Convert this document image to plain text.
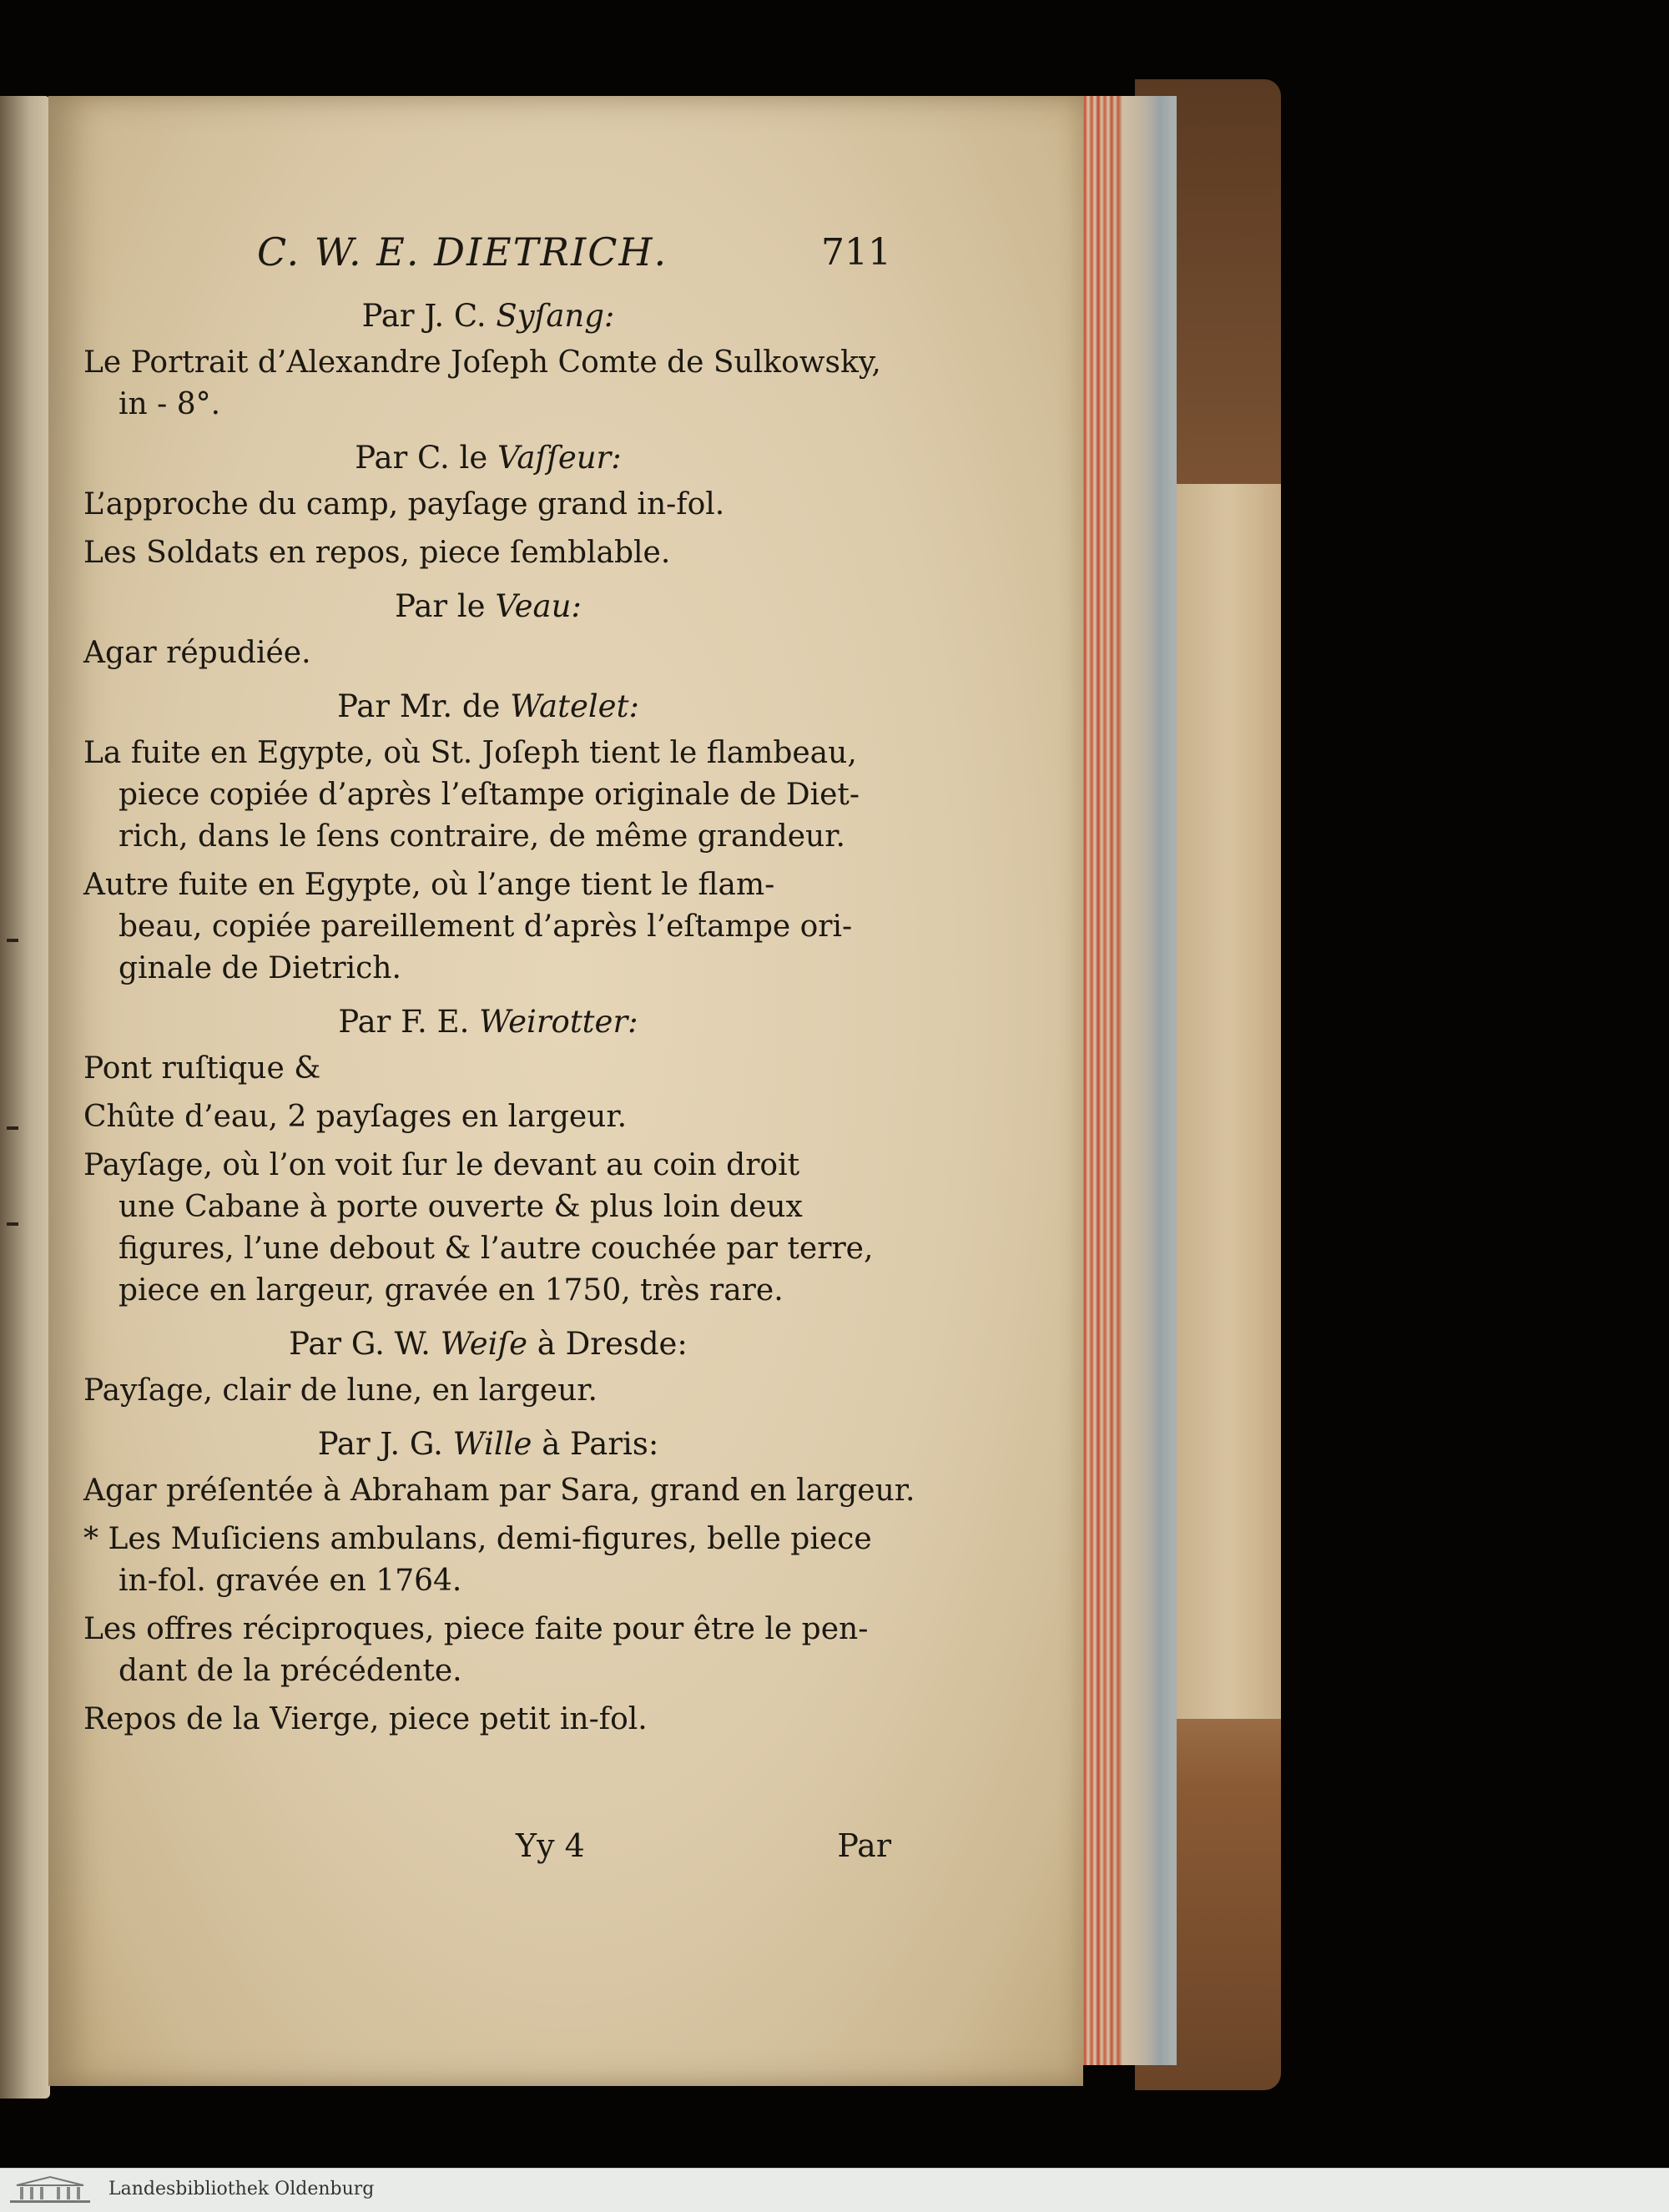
C. W. E. DIETRICH.	711
Par J. C. Syſang:
Le Portrait d’Alexandre Joſeph Comte de Sulkowsky,
in - 8°.
Par C. le Vaſſeur:
L’approche du camp, payſage grand in-fol.
Les Soldats en repos, piece ſemblable.
Par le Veau:
Agar répudiée.
Par Mr. de Watelet:
La fuite en Egypte, où St. Joſeph tient le flambeau,
piece copiée d’après l’eſtampe originale de Diet-
rich, dans le ſens contraire, de même grandeur.
Autre fuite en Egypte, où l’ange tient le flam-
beau, copiée pareillement d’après l’eſtampe ori-
ginale de Dietrich.
Par F. E. Weirotter:
Pont ruſtique &
Chûte d’eau, 2 payſages en largeur.
Payſage, où l’on voit ſur le devant au coin droit
une Cabane à porte ouverte & plus loin deux
figures, l’une debout & l’autre couchée par terre,
piece en largeur, gravée en 1750, très rare.
Par G. W. Weiſe à Dresde:
Payſage, clair de lune, en largeur.
Par J. G. Wille à Paris:
Agar préſentée à Abraham par Sara, grand en largeur.
* Les Muſiciens ambulans, demi-figures, belle piece
in-fol. gravée en 1764.
Les offres réciproques, piece faite pour être le pen-
dant de la précédente.
Repos de la Vierge, piece petit in-fol.
Yy 4	Par
Landesbibliothek Oldenburg
